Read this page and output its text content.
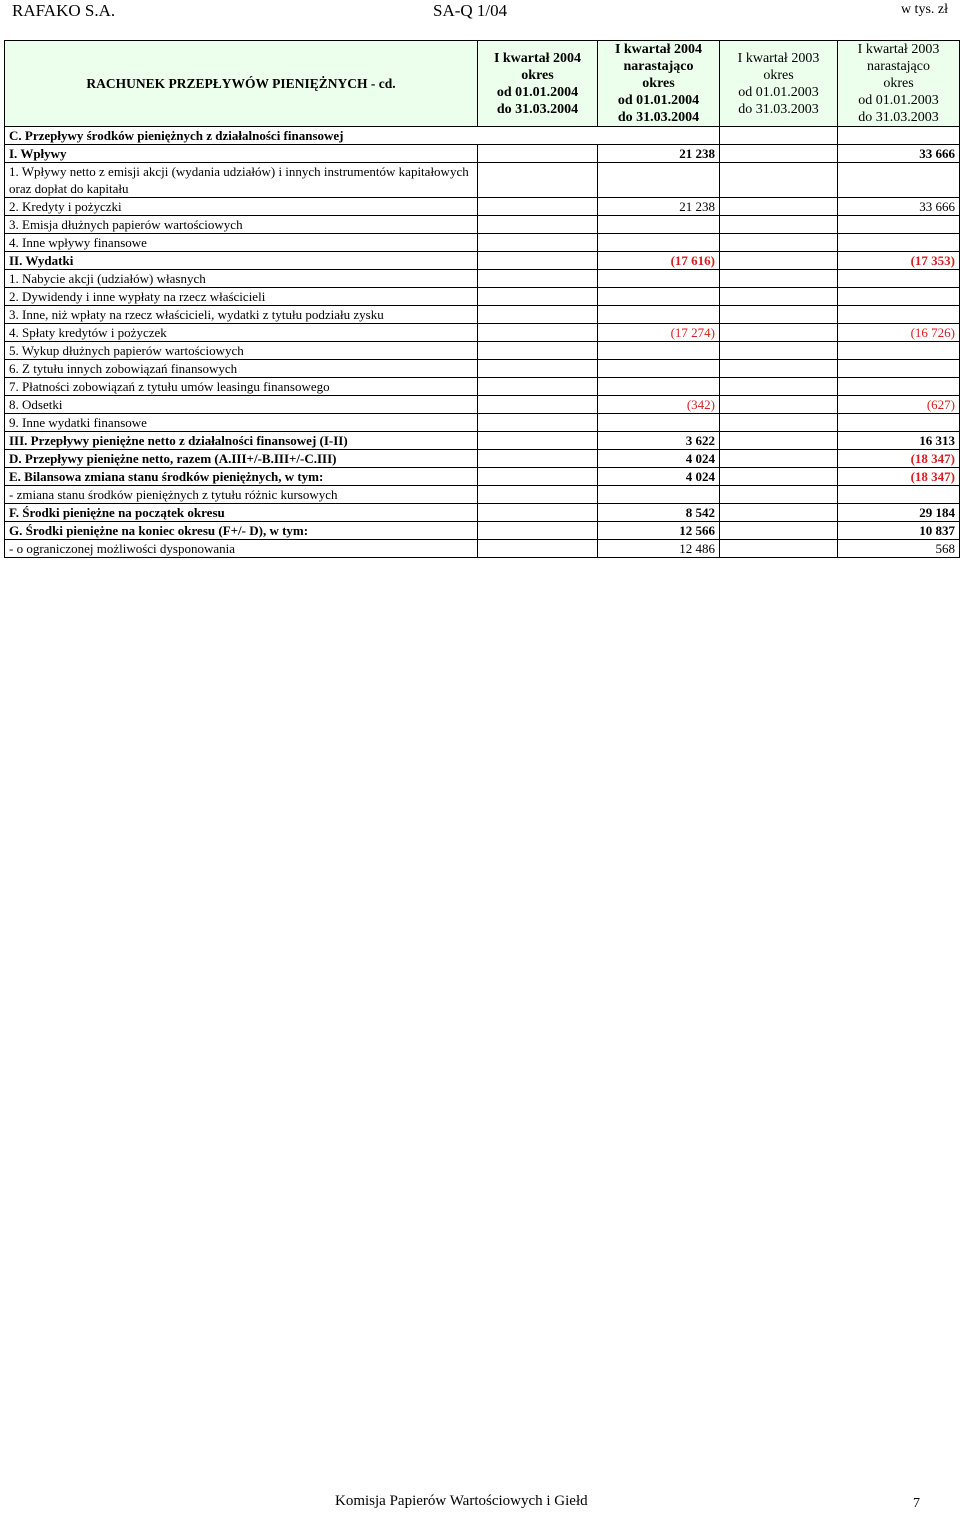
RAFAKO S.A.	SA-Q 1/04	w tys. zł
RACHUNEK PRZEPŁYWÓW PIENIĘŻNYCH - cd.	I kwartał 2004
okres
od 01.01.2004
do 31.03.2004	I kwartał 2004
narastająco
okres
od 01.01.2004
do 31.03.2004	I kwartał 2003
okres
od 01.01.2003
do 31.03.2003	I kwartał 2003
narastająco
okres
od 01.01.2003
do 31.03.2003

C. Przepływy środków pieniężnych z działalności finansowej				
I. Wpływy		21 238		33 666
1. Wpływy netto z emisji akcji (wydania udziałów) i innych instrumentów kapitałowych oraz dopłat do kapitału				
2. Kredyty i pożyczki		21 238		33 666
3. Emisja dłużnych papierów wartościowych				
4. Inne wpływy finansowe				
II. Wydatki		(17 616)		(17 353)
1. Nabycie akcji (udziałów) własnych				
2. Dywidendy i inne wypłaty na rzecz właścicieli				
3. Inne, niż wpłaty na rzecz właścicieli, wydatki z tytułu podziału zysku				
4. Spłaty kredytów i pożyczek		(17 274)		(16 726)
5. Wykup dłużnych papierów wartościowych				
6. Z tytułu innych zobowiązań finansowych				
7. Płatności zobowiązań z tytułu umów leasingu finansowego				
8. Odsetki		(342)		(627)
9. Inne wydatki finansowe				
III. Przepływy pieniężne netto z działalności finansowej (I-II)		3 622		16 313
D. Przepływy pieniężne netto, razem (A.III+/-B.III+/-C.III)		4 024		(18 347)
E. Bilansowa zmiana stanu środków pieniężnych, w tym:		4 024		(18 347)
- zmiana stanu środków pieniężnych z tytułu różnic kursowych				
F. Środki pieniężne na początek okresu		8 542		29 184
G. Środki pieniężne na koniec okresu (F+/- D), w tym:		12 566		10 837
- o ograniczonej możliwości dysponowania		12 486		568
Komisja Papierów Wartościowych i Giełd	7
